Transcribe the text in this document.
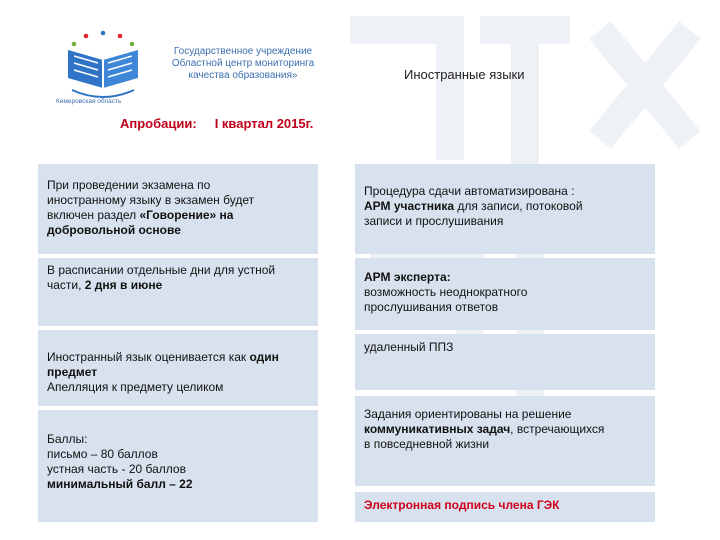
Государственное учреждение
Областной центр мониторинга
качества образования»
Кемеровская область
Иностранные языки
Апробации: I квартал 2015г.
При проведении экзамена по
иностранному языку в экзамен будет
включен раздел «Говорение» на
добровольной основе
В расписании отдельные дни для устной
части, 2 дня в июне
Иностранный язык оценивается как один
предмет
Апелляция к предмету целиком
Баллы:
письмо – 80 баллов
устная часть - 20 баллов
минимальный балл – 22
Процедура сдачи автоматизирована :
АРМ участника для записи, потоковой
записи и прослушивания
АРМ эксперта:
возможность неоднократного
прослушивания ответов
удаленный ППЗ
Задания ориентированы на решение
коммуникативных задач, встречающихся
в повседневной жизни
Электронная подпись члена ГЭК
